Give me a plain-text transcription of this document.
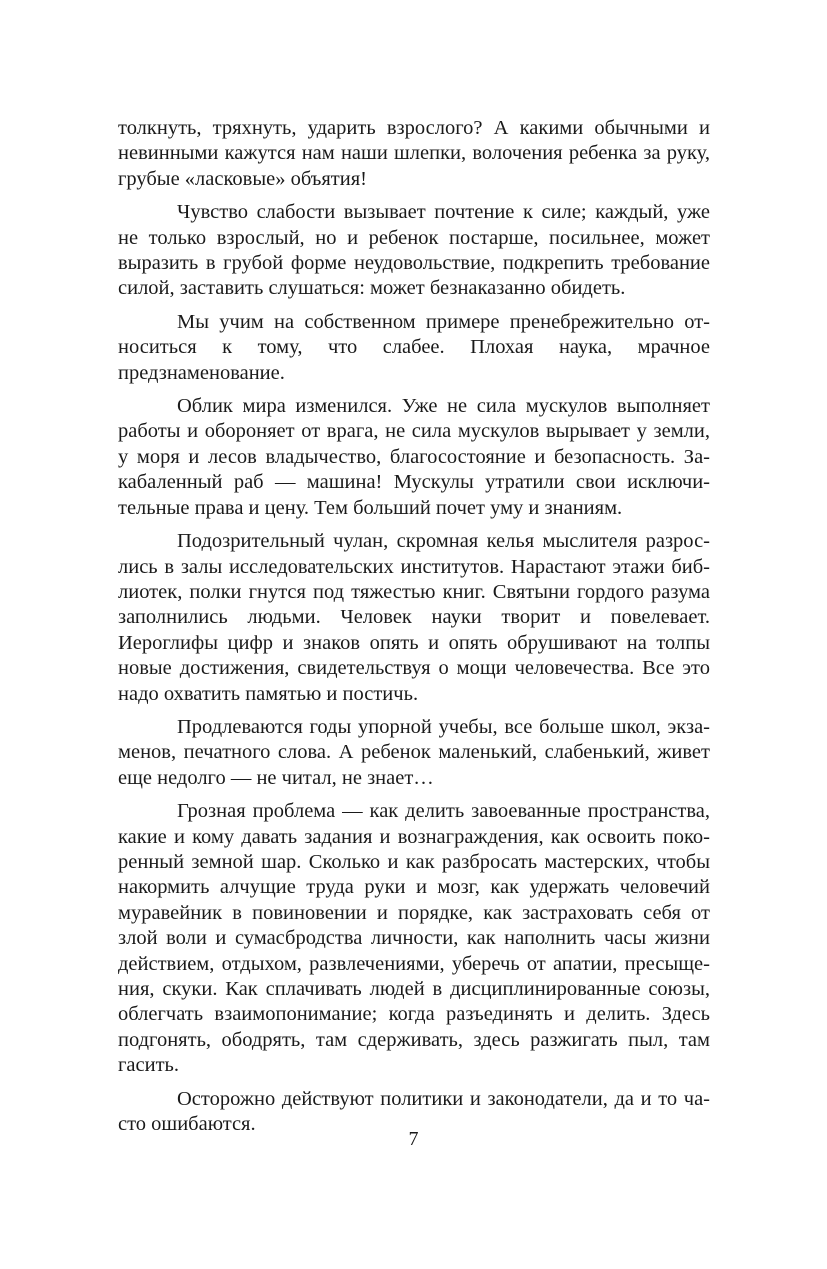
толкнуть, тряхнуть, ударить взрослого? А какими обычными и невинными кажутся нам наши шлепки, волочения ребенка за руку, грубые «ласковые» объятия!

Чувство слабости вызывает почтение к силе; каждый, уже не только взрослый, но и ребенок постарше, посильнее, может выразить в грубой форме неудовольствие, подкрепить требование силой, заставить слушаться: может безнаказанно обидеть.

Мы учим на собственном примере пренебрежительно относиться к тому, что слабее. Плохая наука, мрачное предзнаменование.

Облик мира изменился. Уже не сила мускулов выполняет работы и обороняет от врага, не сила мускулов вырывает у земли, у моря и лесов владычество, благосостояние и безопасность. Закабаленный раб — машина! Мускулы утратили свои исключительные права и цену. Тем больший почет уму и знаниям.

Подозрительный чулан, скромная келья мыслителя разрослись в залы исследовательских институтов. Нарастают этажи библиотек, полки гнутся под тяжестью книг. Святыни гордого разума заполнились людьми. Человек науки творит и повелевает. Иероглифы цифр и знаков опять и опять обрушивают на толпы новые достижения, свидетельствуя о мощи человечества. Все это надо охватить памятью и постичь.

Продлеваются годы упорной учебы, все больше школ, экзаменов, печатного слова. А ребенок маленький, слабенький, живет еще недолго — не читал, не знает…

Грозная проблема — как делить завоеванные пространства, какие и кому давать задания и вознаграждения, как освоить покоренный земной шар. Сколько и как разбросать мастерских, чтобы накормить алчущие труда руки и мозг, как удержать человечий муравейник в повиновении и порядке, как застраховать себя от злой воли и сумасбродства личности, как наполнить часы жизни действием, отдыхом, развлечениями, уберечь от апатии, пресыщения, скуки. Как сплачивать людей в дисциплинированные союзы, облегчать взаимопонимание; когда разъединять и делить. Здесь подгонять, ободрять, там сдерживать, здесь разжигать пыл, там гасить.

Осторожно действуют политики и законодатели, да и то часто ошибаются.

7
